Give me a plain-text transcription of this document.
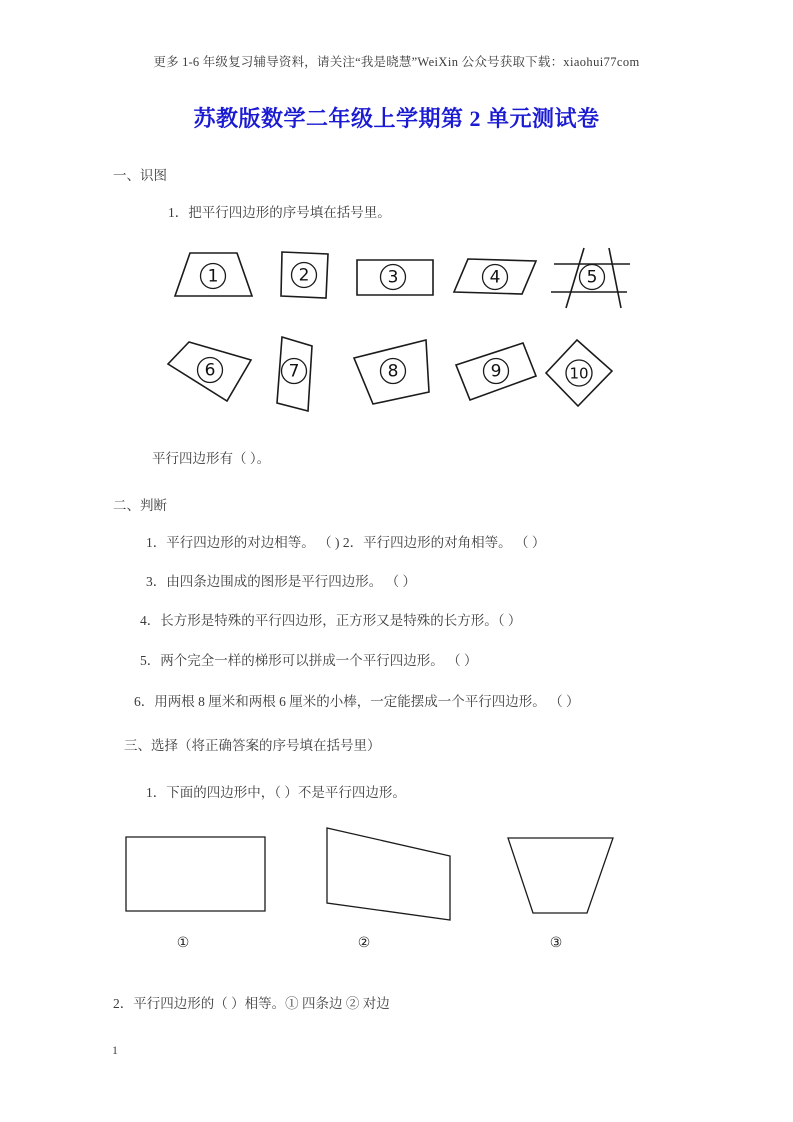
更多 1-6 年级复习辅导资料，请关注“我是晓慧”WeiXin 公众号获取下载：xiaohui77com
苏教版数学二年级上学期第 2 单元测试卷
一、识图
1．把平行四边形的序号填在括号里。
1	2	3	4	5
6	7	8	9	10
平行四边形有（ ）。
二、判断
1．平行四边形的对边相等。 （ ) 2．平行四边形的对角相等。 （ ）
3．由四条边围成的图形是平行四边形。 （ ）
4．长方形是特殊的平行四边形，正方形又是特殊的长方形。（ ）
5．两个完全一样的梯形可以拼成一个平行四边形。 （ ）
6．用两根 8 厘米和两根 6 厘米的小棒，一定能摆成一个平行四边形。 （ ）
三、选择（将正确答案的序号填在括号里）
1．下面的四边形中，（ ）不是平行四边形。
①	②	③
2．平行四边形的（ ）相等。① 四条边 ② 对边
1
